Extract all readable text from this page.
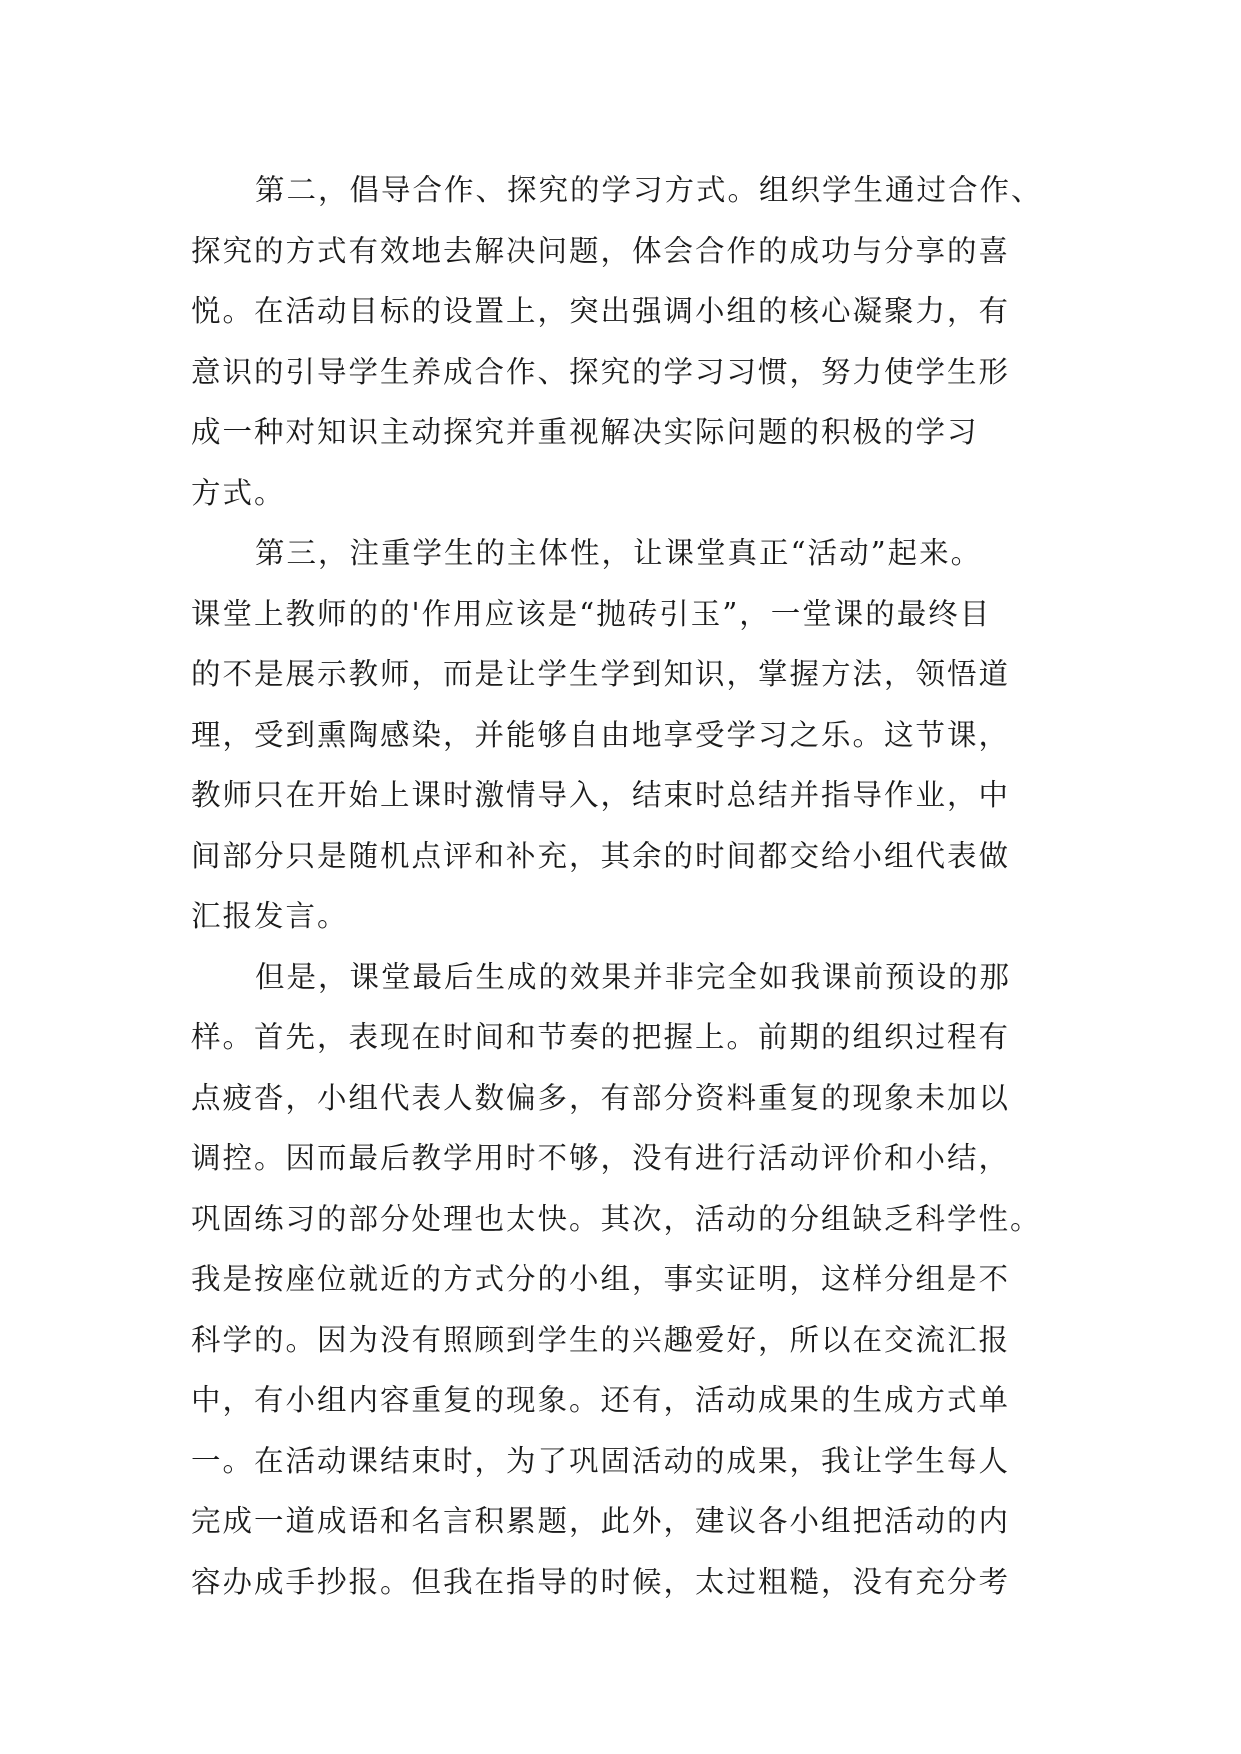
第二，倡导合作、探究的学习方式。组织学生通过合作、
探究的方式有效地去解决问题，体会合作的成功与分享的喜
悦。在活动目标的设置上，突出强调小组的核心凝聚力，有
意识的引导学生养成合作、探究的学习习惯，努力使学生形
成一种对知识主动探究并重视解决实际问题的积极的学习
方式。
第三，注重学生的主体性，让课堂真正“活动”起来。
课堂上教师的的'作用应该是“抛砖引玉”，一堂课的最终目
的不是展示教师，而是让学生学到知识，掌握方法，领悟道
理，受到熏陶感染，并能够自由地享受学习之乐。这节课，
教师只在开始上课时激情导入，结束时总结并指导作业，中
间部分只是随机点评和补充，其余的时间都交给小组代表做
汇报发言。
但是，课堂最后生成的效果并非完全如我课前预设的那
样。首先，表现在时间和节奏的把握上。前期的组织过程有
点疲沓，小组代表人数偏多，有部分资料重复的现象未加以
调控。因而最后教学用时不够，没有进行活动评价和小结，
巩固练习的部分处理也太快。其次，活动的分组缺乏科学性。
我是按座位就近的方式分的小组，事实证明，这样分组是不
科学的。因为没有照顾到学生的兴趣爱好，所以在交流汇报
中，有小组内容重复的现象。还有，活动成果的生成方式单
一。在活动课结束时，为了巩固活动的成果，我让学生每人
完成一道成语和名言积累题，此外，建议各小组把活动的内
容办成手抄报。但我在指导的时候，太过粗糙，没有充分考
